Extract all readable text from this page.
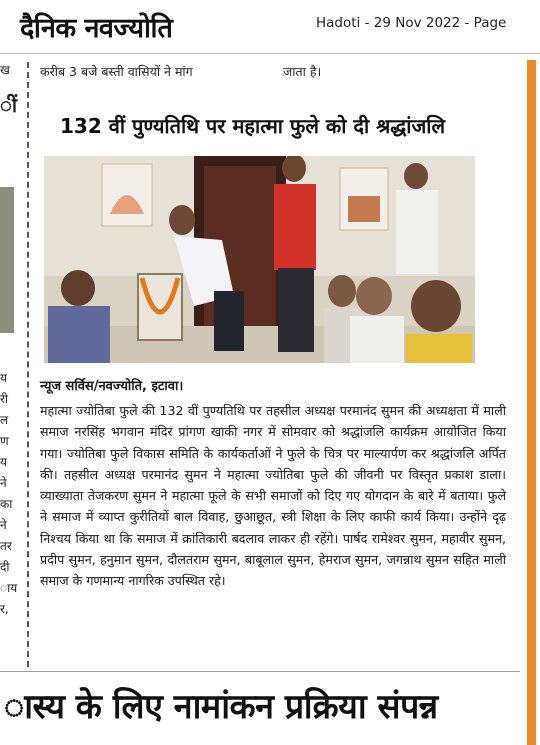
दैनिक नवज्योति	Hadoti - 29 Nov 2022 - Page
करीब 3 बजे बस्ती वासियों ने मांग	जाता है।
ख
ीं
य
री
ल
ण
य
ने
का
ने
तर
दी
ाय
र,
132 वीं पुण्यतिथि पर महात्मा फुले को दी श्रद्धांजलि
न्यूज सर्विस/नवज्योति, इटावा।
महात्मा ज्योतिबा फुले की 132 वीं पुण्यतिथि पर तहसील अध्यक्ष परमानंद सुमन की अध्यक्षता में माली समाज नरसिंह भगवान मंदिर प्रांगण खाकी नगर में सोमवार को श्रद्धांजलि कार्यक्रम आयोजित किया गया। ज्योतिबा फुले विकास समिति के कार्यकर्ताओं ने फुले के चित्र पर माल्यार्पण कर श्रद्धांजलि अर्पित की। तहसील अध्यक्ष परमानंद सुमन ने महात्मा ज्योतिबा फुले की जीवनी पर विस्तृत प्रकाश डाला। व्याख्याता तेजकरण सुमन ने महात्मा फूले के सभी समाजों को दिए गए योगदान के बारे में बताया। फुले ने समाज में व्याप्त कुरीतियों बाल विवाह, छुआछूत, स्त्री शिक्षा के लिए काफी कार्य किया। उन्होंने दृढ़ निश्चय किया था कि समाज में क्रांतिकारी बदलाव लाकर ही रहेंगे। पार्षद रामेश्वर सुमन, महावीर सुमन, प्रदीप सुमन, हनुमान सुमन, दौलतराम सुमन, बाबूलाल सुमन, हेमराज सुमन, जगन्नाथ सुमन सहित माली समाज के गणमान्य नागरिक उपस्थित रहे।
ास्य के लिए नामांकन प्रक्रिया संपन्न
